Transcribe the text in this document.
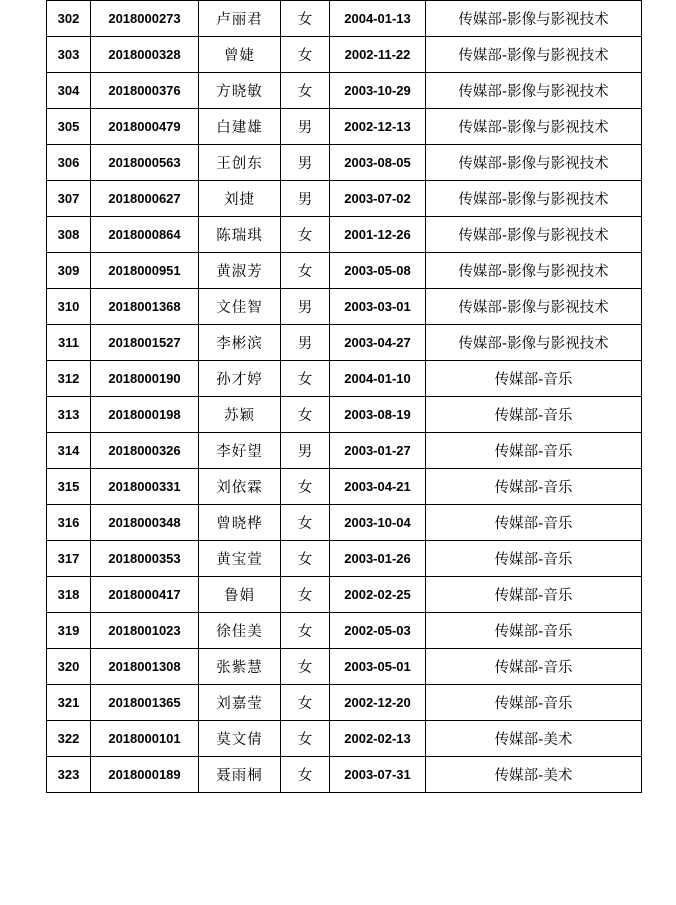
302	2018000273	卢丽君	女	2004-01-13	传媒部-影像与影视技术
303	2018000328	曾婕	女	2002-11-22	传媒部-影像与影视技术
304	2018000376	方晓敏	女	2003-10-29	传媒部-影像与影视技术
305	2018000479	白建雄	男	2002-12-13	传媒部-影像与影视技术
306	2018000563	王创东	男	2003-08-05	传媒部-影像与影视技术
307	2018000627	刘捷	男	2003-07-02	传媒部-影像与影视技术
308	2018000864	陈瑞琪	女	2001-12-26	传媒部-影像与影视技术
309	2018000951	黄淑芳	女	2003-05-08	传媒部-影像与影视技术
310	2018001368	文佳智	男	2003-03-01	传媒部-影像与影视技术
311	2018001527	李彬滨	男	2003-04-27	传媒部-影像与影视技术
312	2018000190	孙才婷	女	2004-01-10	传媒部-音乐
313	2018000198	苏颖	女	2003-08-19	传媒部-音乐
314	2018000326	李好望	男	2003-01-27	传媒部-音乐
315	2018000331	刘依霖	女	2003-04-21	传媒部-音乐
316	2018000348	曾晓桦	女	2003-10-04	传媒部-音乐
317	2018000353	黄宝萱	女	2003-01-26	传媒部-音乐
318	2018000417	鲁娟	女	2002-02-25	传媒部-音乐
319	2018001023	徐佳美	女	2002-05-03	传媒部-音乐
320	2018001308	张紫慧	女	2003-05-01	传媒部-音乐
321	2018001365	刘嘉莹	女	2002-12-20	传媒部-音乐
322	2018000101	莫文倩	女	2002-02-13	传媒部-美术
323	2018000189	聂雨桐	女	2003-07-31	传媒部-美术
